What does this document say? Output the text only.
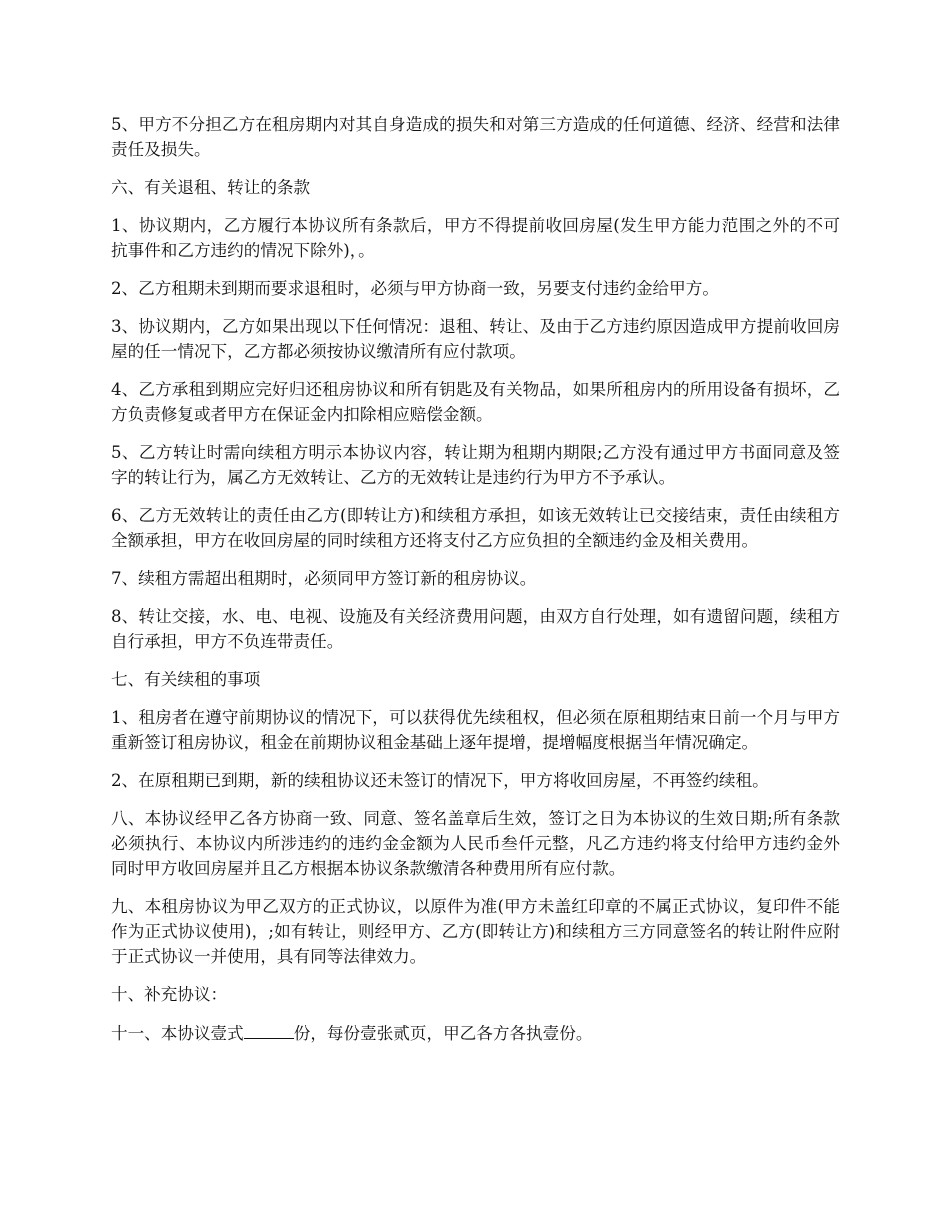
5、甲方不分担乙方在租房期内对其自身造成的损失和对第三方造成的任何道德、经济、经营和法律责任及损失。

六、有关退租、转让的条款

1、协议期内，乙方履行本协议所有条款后，甲方不得提前收回房屋(发生甲方能力范围之外的不可抗事件和乙方违约的情况下除外)，。

2、乙方租期未到期而要求退租时，必须与甲方协商一致，另要支付违约金给甲方。

3、协议期内，乙方如果出现以下任何情况：退租、转让、及由于乙方违约原因造成甲方提前收回房屋的任一情况下，乙方都必须按协议缴清所有应付款项。

4、乙方承租到期应完好归还租房协议和所有钥匙及有关物品，如果所租房内的所用设备有损坏，乙方负责修复或者甲方在保证金内扣除相应赔偿金额。

5、乙方转让时需向续租方明示本协议内容，转让期为租期内期限;乙方没有通过甲方书面同意及签字的转让行为，属乙方无效转让、乙方的无效转让是违约行为甲方不予承认。

6、乙方无效转让的责任由乙方(即转让方)和续租方承担，如该无效转让已交接结束，责任由续租方全额承担，甲方在收回房屋的同时续租方还将支付乙方应负担的全额违约金及相关费用。

7、续租方需超出租期时，必须同甲方签订新的租房协议。

8、转让交接，水、电、电视、设施及有关经济费用问题，由双方自行处理，如有遗留问题，续租方自行承担，甲方不负连带责任。

七、有关续租的事项

1、租房者在遵守前期协议的情况下，可以获得优先续租权，但必须在原租期结束日前一个月与甲方重新签订租房协议，租金在前期协议租金基础上逐年提增，提增幅度根据当年情况确定。

2、在原租期已到期，新的续租协议还未签订的情况下，甲方将收回房屋，不再签约续租。

八、本协议经甲乙各方协商一致、同意、签名盖章后生效，签订之日为本协议的生效日期;所有条款必须执行、本协议内所涉违约的违约金金额为人民币叁仟元整，凡乙方违约将支付给甲方违约金外同时甲方收回房屋并且乙方根据本协议条款缴清各种费用所有应付款。

九、本租房协议为甲乙双方的正式协议，以原件为准(甲方未盖红印章的不属正式协议，复印件不能作为正式协议使用)，;如有转让，则经甲方、乙方(即转让方)和续租方三方同意签名的转让附件应附于正式协议一并使用，具有同等法律效力。

十、补充协议：

十一、本协议壹式	份，每份壹张贰页，甲乙各方各执壹份。
